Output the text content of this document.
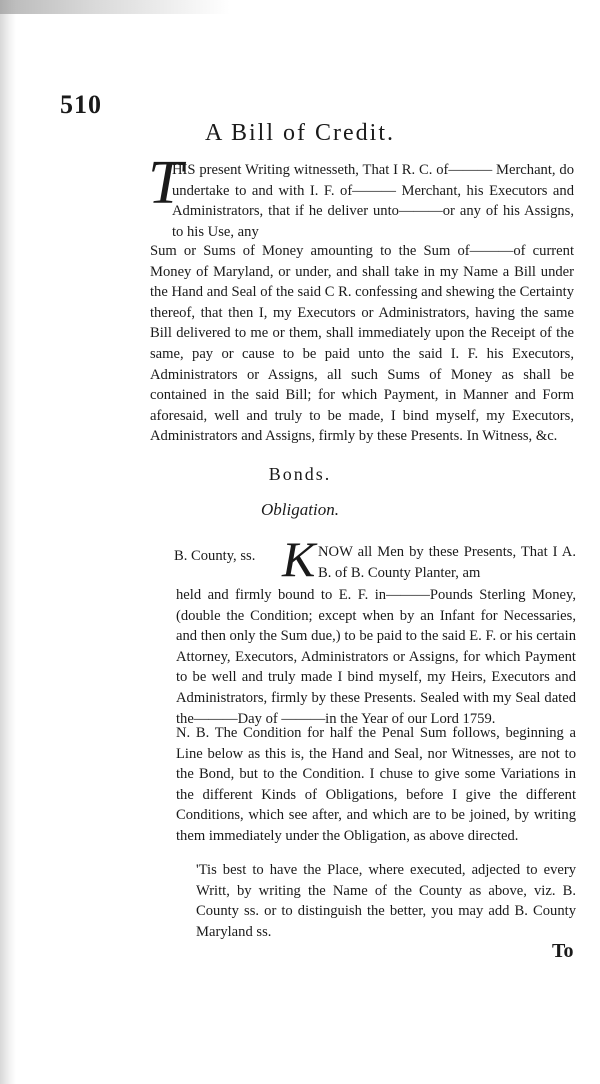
510
A Bill of Credit.
T

HIS present Writing witnesseth, That I R. C. of——— Merchant, do undertake to and with I. F. of——— Merchant, his Executors and Administrators, that if he deliver unto———or any of his Assigns, to his Use, any

Sum or Sums of Money amounting to the Sum of———of current Money of Maryland, or under, and shall take in my Name a Bill under the Hand and Seal of the said C R. confessing and shewing the Certainty thereof, that then I, my Executors or Administrators, having the same Bill delivered to me or them, shall immediately upon the Receipt of the same, pay or cause to be paid unto the said I. F. his Executors, Administrators or Assigns, all such Sums of Money as shall be contained in the said Bill; for which Payment, in Manner and Form aforesaid, well and truly to be made, I bind myself, my Executors, Administrators and Assigns, firmly by these Presents. In Witness, &c.

Bonds.
Obligation.
B. County, ss. K NOW all Men by these Presents, That I A. B. of B. County Planter, am

held and firmly bound to E. F. in———Pounds Sterling Money, (double the Condition; except when by an Infant for Necessaries, and then only the Sum due,) to be paid to the said E. F. or his certain Attorney, Executors, Administrators or Assigns, for which Payment to be well and truly made I bind myself, my Heirs, Executors and Administrators, firmly by these Presents. Sealed with my Seal dated the———Day of ———in the Year of our Lord 1759.

N. B. The Condition for half the Penal Sum follows, beginning a Line below as this is, the Hand and Seal, nor Witnesses, are not to the Bond, but to the Condition. I chuse to give some Variations in the different Kinds of Obligations, before I give the different Conditions, which see after, and which are to be joined, by writing them immediately under the Obligation, as above directed.

'Tis best to have the Place, where executed, adjected to every Writt, by writing the Name of the County as above, viz. B. County ss. or to distinguish the better, you may add B. County Maryland ss.

To
